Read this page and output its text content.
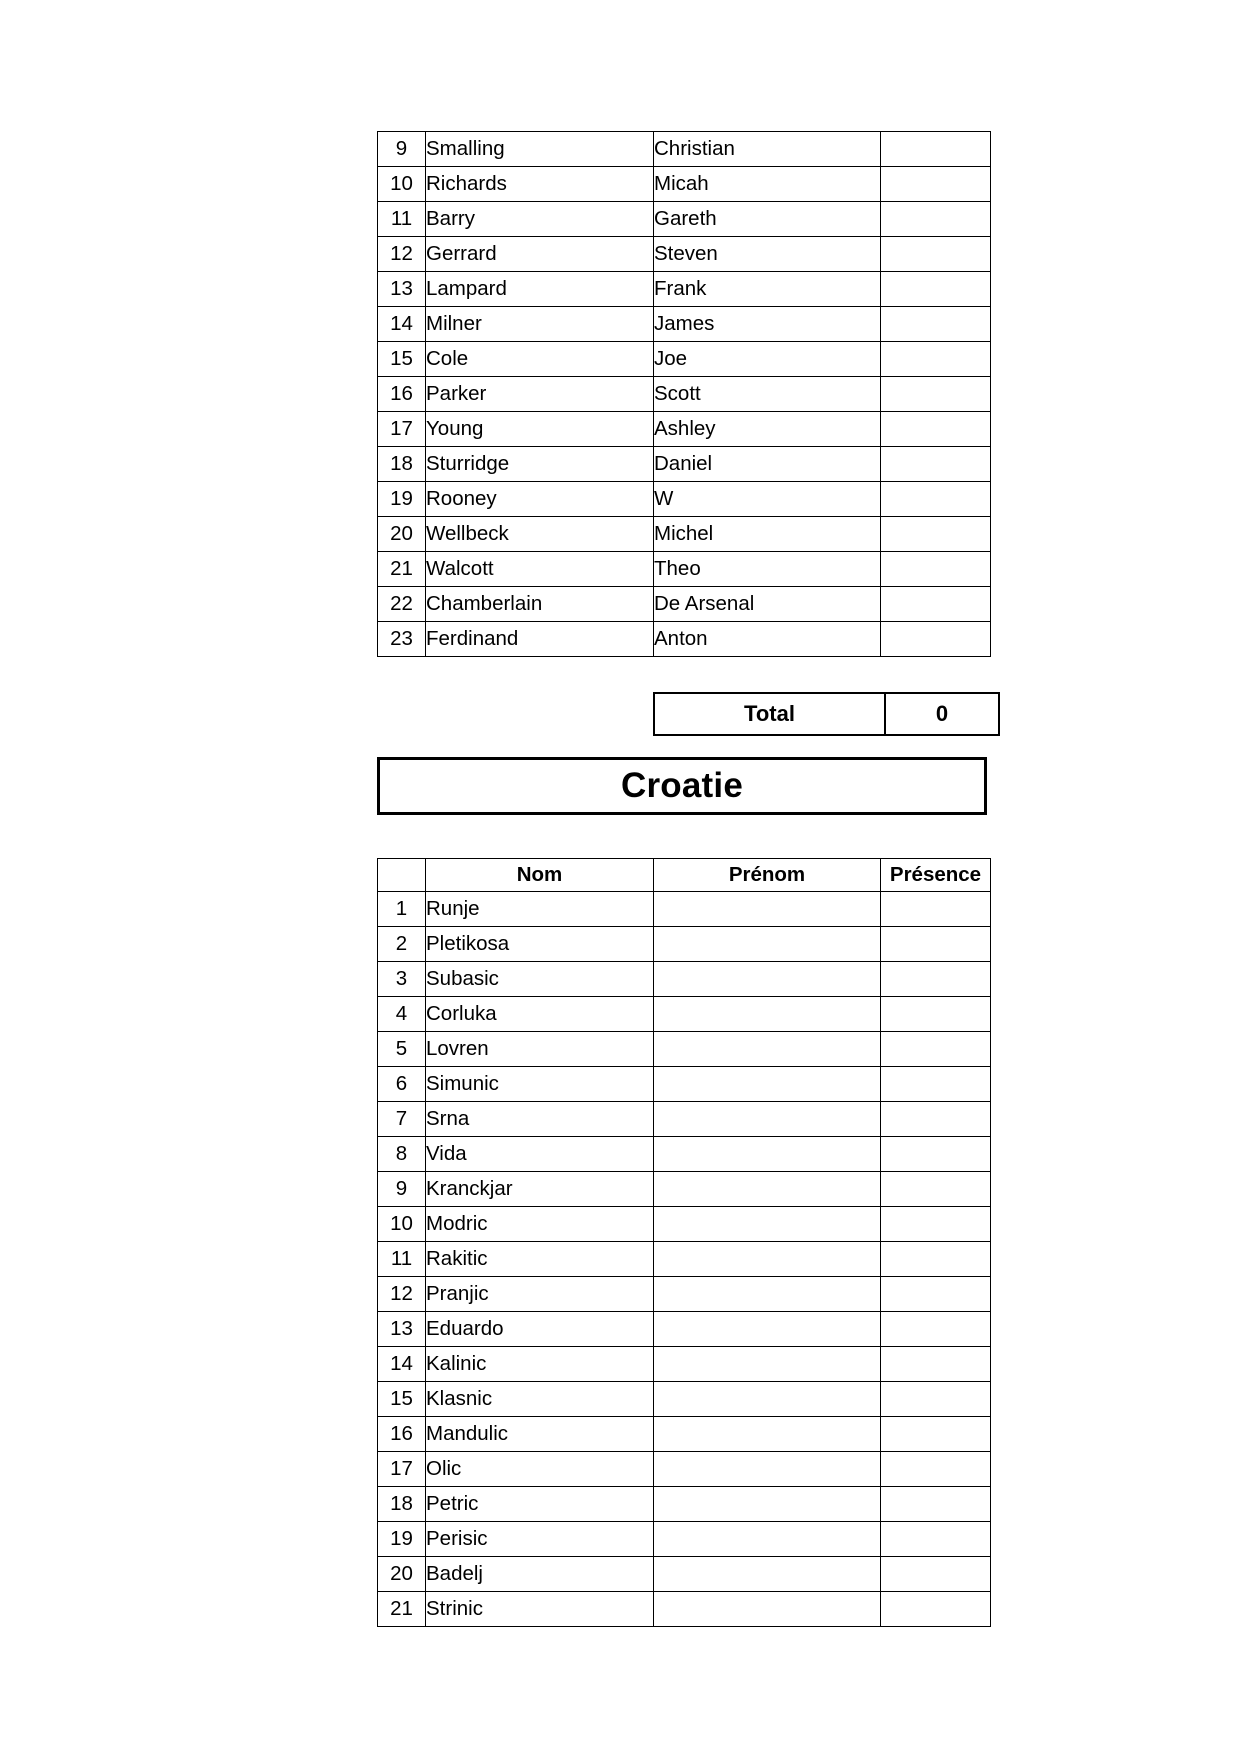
9	Smalling	Christian	
10	Richards	Micah	
11	Barry	Gareth	
12	Gerrard	Steven	
13	Lampard	Frank	
14	Milner	James	
15	Cole	Joe	
16	Parker	Scott	
17	Young	Ashley	
18	Sturridge	Daniel	
19	Rooney	W	
20	Wellbeck	Michel	
21	Walcott	Theo	
22	Chamberlain	De Arsenal	
23	Ferdinand	Anton	
Total	0
Croatie
	Nom	Prénom	Présence
1	Runje		
2	Pletikosa		
3	Subasic		
4	Corluka		
5	Lovren		
6	Simunic		
7	Srna		
8	Vida		
9	Kranckjar		
10	Modric		
11	Rakitic		
12	Pranjic		
13	Eduardo		
14	Kalinic		
15	Klasnic		
16	Mandulic		
17	Olic		
18	Petric		
19	Perisic		
20	Badelj		
21	Strinic		
